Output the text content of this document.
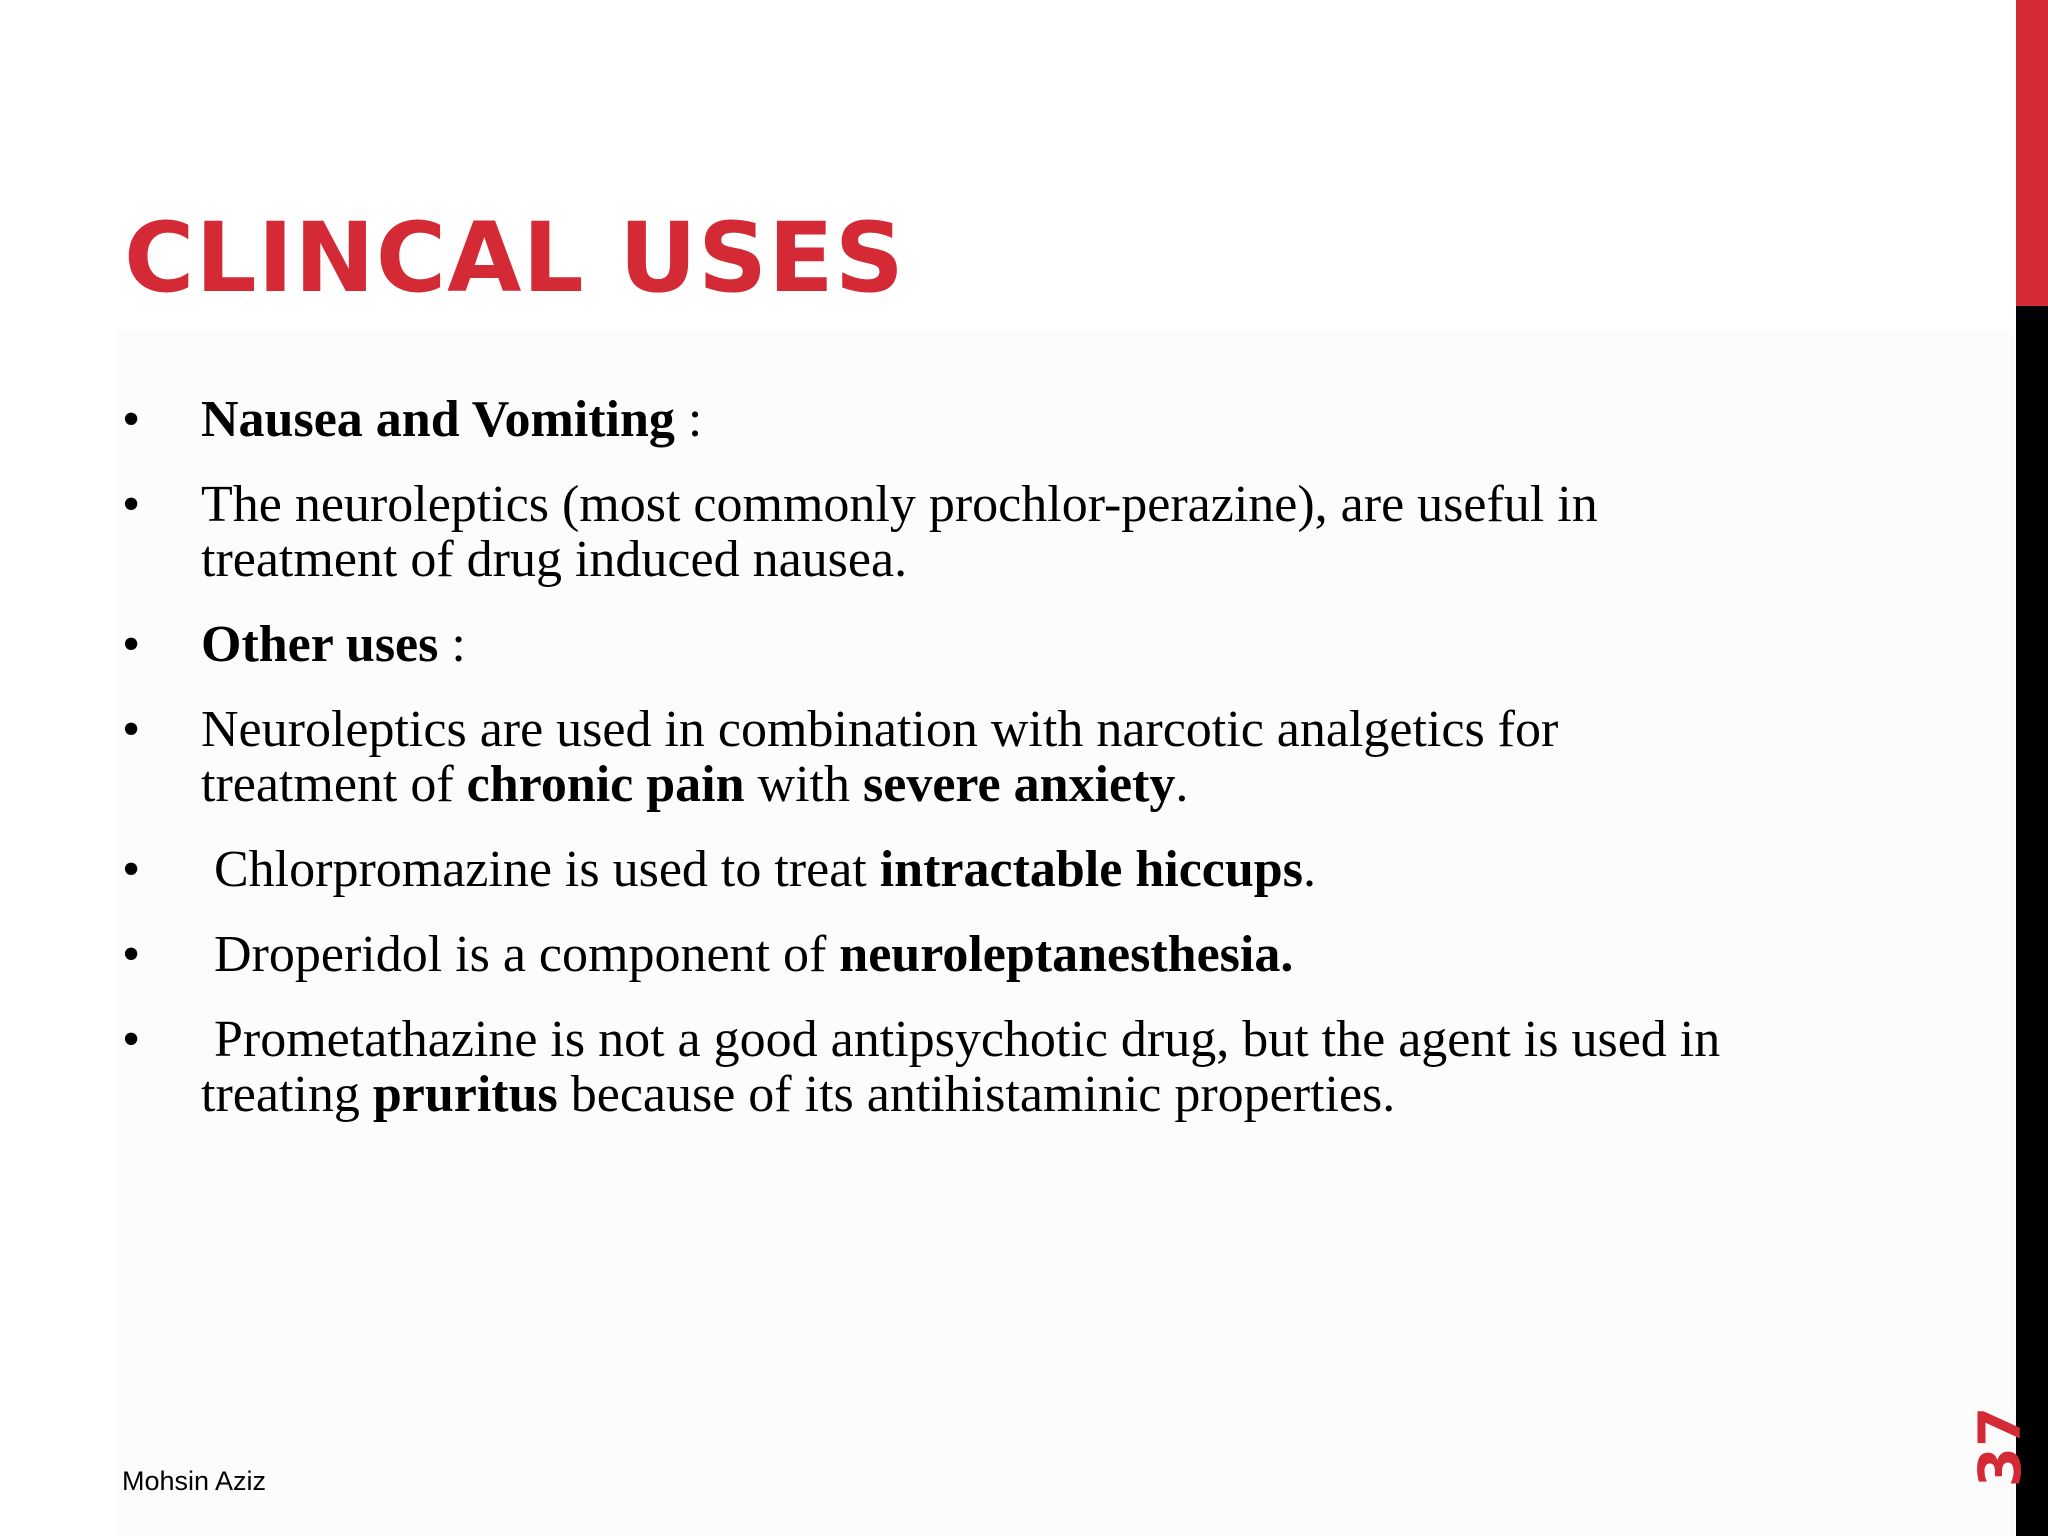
CLINCAL USES
• Nausea and Vomiting :
• The neuroleptics (most commonly prochlor-perazine), are useful in treatment of drug induced nausea.
• Other uses :
• Neuroleptics are used in combination with narcotic analgetics for treatment of chronic pain with severe anxiety.
• Chlorpromazine is used to treat intractable hiccups.
• Droperidol is a component of neuroleptanesthesia.
• Prometathazine is not a good antipsychotic drug, but the agent is used in treating pruritus because of its antihistaminic properties.
37
Mohsin Aziz
